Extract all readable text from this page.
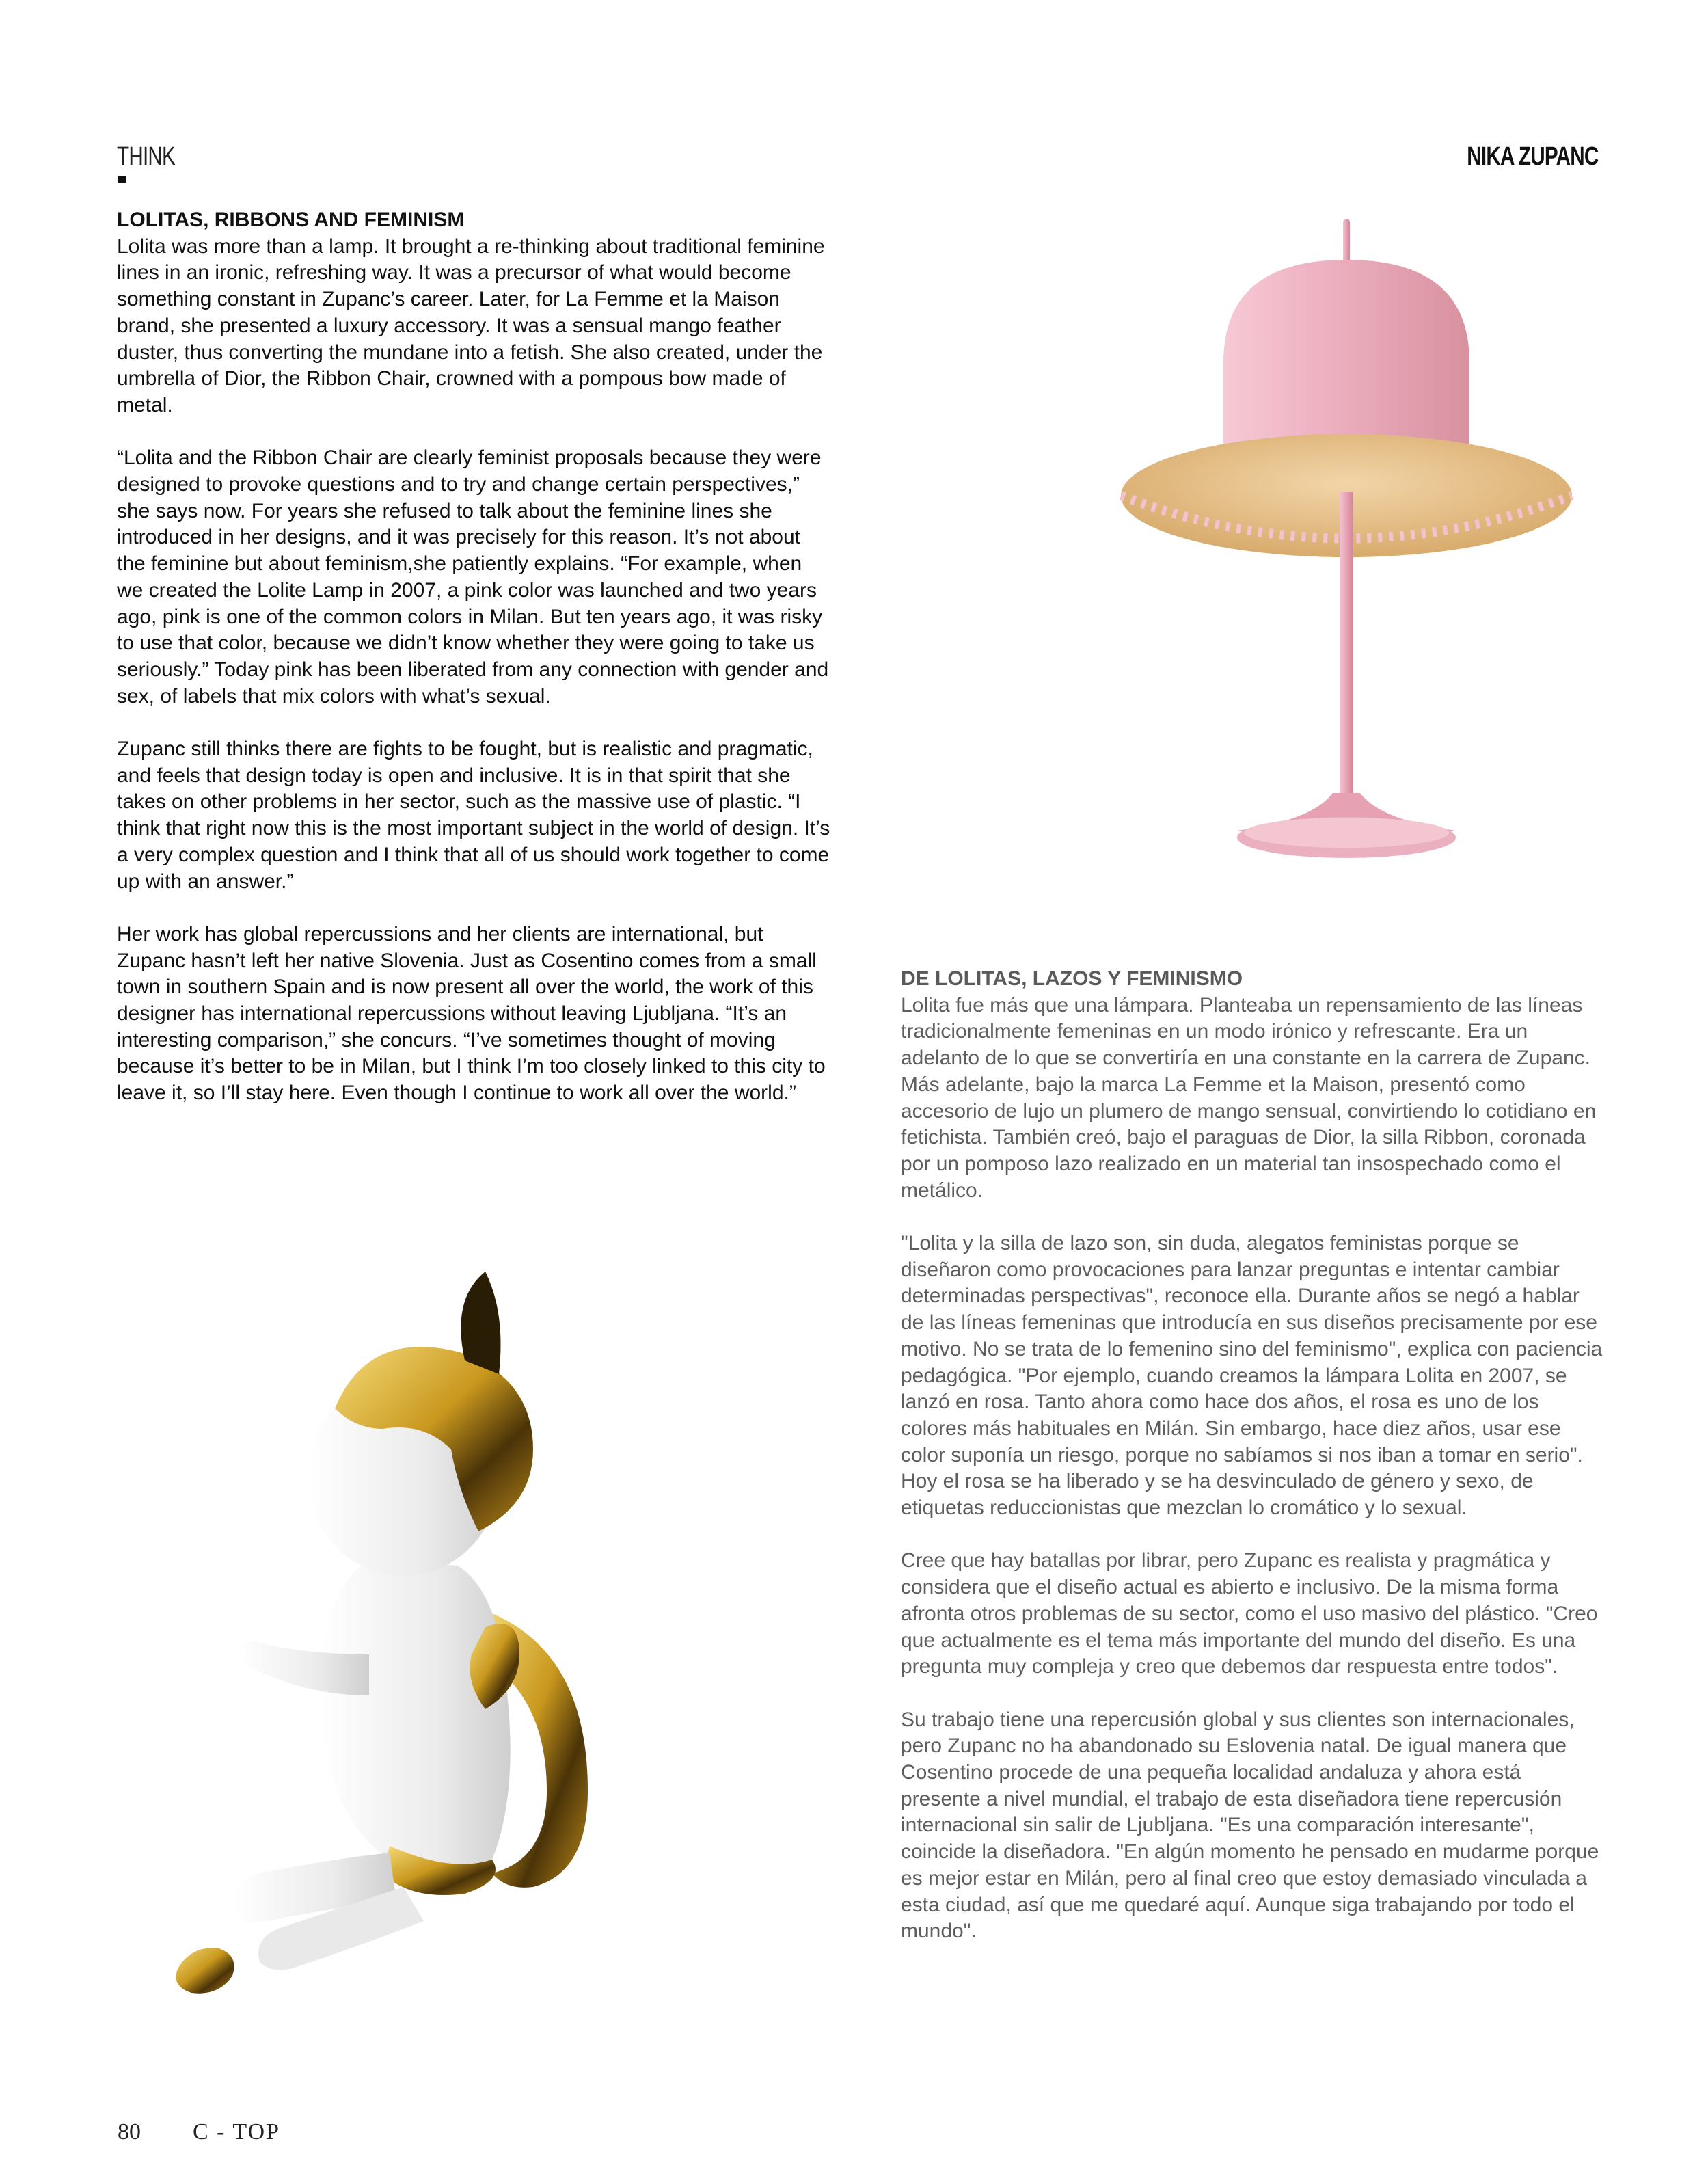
THINK	NIKA ZUPANC
LOLITAS, RIBBONS AND FEMINISM

Lolita was more than a lamp. It brought a re-thinking about traditional feminine lines in an ironic, refreshing way. It was a precursor of what would become something constant in Zupanc’s career. Later, for La Femme et la Maison brand, she presented a luxury accessory. It was a sensual mango feather duster, thus converting the mundane into a fetish. She also created, under the umbrella of Dior, the Ribbon Chair, crowned with a pompous bow made of metal.

“Lolita and the Ribbon Chair are clearly feminist proposals because they were designed to provoke questions and to try and change certain perspectives,” she says now. For years she refused to talk about the feminine lines she introduced in her designs, and it was precisely for this reason. It’s not about the feminine but about feminism,she patiently explains. “For example, when we created the Lolite Lamp in 2007, a pink color was launched and two years ago, pink is one of the common colors in Milan. But ten years ago, it was risky to use that color, because we didn’t know whether they were going to take us seriously.” Today pink has been liberated from any connection with gender and sex, of labels that mix colors with what’s sexual.

Zupanc still thinks there are fights to be fought, but is realistic and pragmatic, and feels that design today is open and inclusive. It is in that spirit that she takes on other problems in her sector, such as the massive use of plastic. “I think that right now this is the most important subject in the world of design. It’s a very complex question and I think that all of us should work together to come up with an answer.”

Her work has global repercussions and her clients are international, but Zupanc hasn’t left her native Slovenia. Just as Cosentino comes from a small town in southern Spain and is now present all over the world, the work of this designer has international repercussions without leaving Ljubljana. “It’s an interesting comparison,” she concurs. “I’ve sometimes thought of moving because it’s better to be in Milan, but I think I’m too closely linked to this city to leave it, so I’ll stay here. Even though I continue to work all over the world.”

DE LOLITAS, LAZOS Y FEMINISMO

Lolita fue más que una lámpara. Planteaba un repensamiento de las líneas tradicionalmente femeninas en un modo irónico y refrescante. Era un adelanto de lo que se convertiría en una constante en la carrera de Zupanc. Más adelante, bajo la marca La Femme et la Maison, presentó como accesorio de lujo un plumero de mango sensual, convirtiendo lo cotidiano en fetichista. También creó, bajo el paraguas de Dior, la silla Ribbon, coronada por un pomposo lazo realizado en un material tan insospechado como el metálico.

"Lolita y la silla de lazo son, sin duda, alegatos feministas porque se diseñaron como provocaciones para lanzar preguntas e intentar cambiar determinadas perspectivas", reconoce ella. Durante años se negó a hablar de las líneas femeninas que introducía en sus diseños precisamente por ese motivo. No se trata de lo femenino sino del feminismo", explica con paciencia pedagógica. "Por ejemplo, cuando creamos la lámpara Lolita en 2007, se lanzó en rosa. Tanto ahora como hace dos años, el rosa es uno de los colores más habituales en Milán. Sin embargo, hace diez años, usar ese color suponía un riesgo, porque no sabíamos si nos iban a tomar en serio". Hoy el rosa se ha liberado y se ha desvinculado de género y sexo, de etiquetas reduccionistas que mezclan lo cromático y lo sexual.

Cree que hay batallas por librar, pero Zupanc es realista y pragmática y considera que el diseño actual es abierto e inclusivo. De la misma forma afronta otros problemas de su sector, como el uso masivo del plástico. "Creo que actualmente es el tema más importante del mundo del diseño. Es una pregunta muy compleja y creo que debemos dar respuesta entre todos".

Su trabajo tiene una repercusión global y sus clientes son internacionales, pero Zupanc no ha abandonado su Eslovenia natal. De igual manera que Cosentino procede de una pequeña localidad andaluza y ahora está presente a nivel mundial, el trabajo de esta diseñadora tiene repercusión internacional sin salir de Ljubljana. "Es una comparación interesante", coincide la diseñadora. "En algún momento he pensado en mudarme porque es mejor estar en Milán, pero al final creo que estoy demasiado vinculada a esta ciudad, así que me quedaré aquí. Aunque siga trabajando por todo el mundo".

80 C - TOP
